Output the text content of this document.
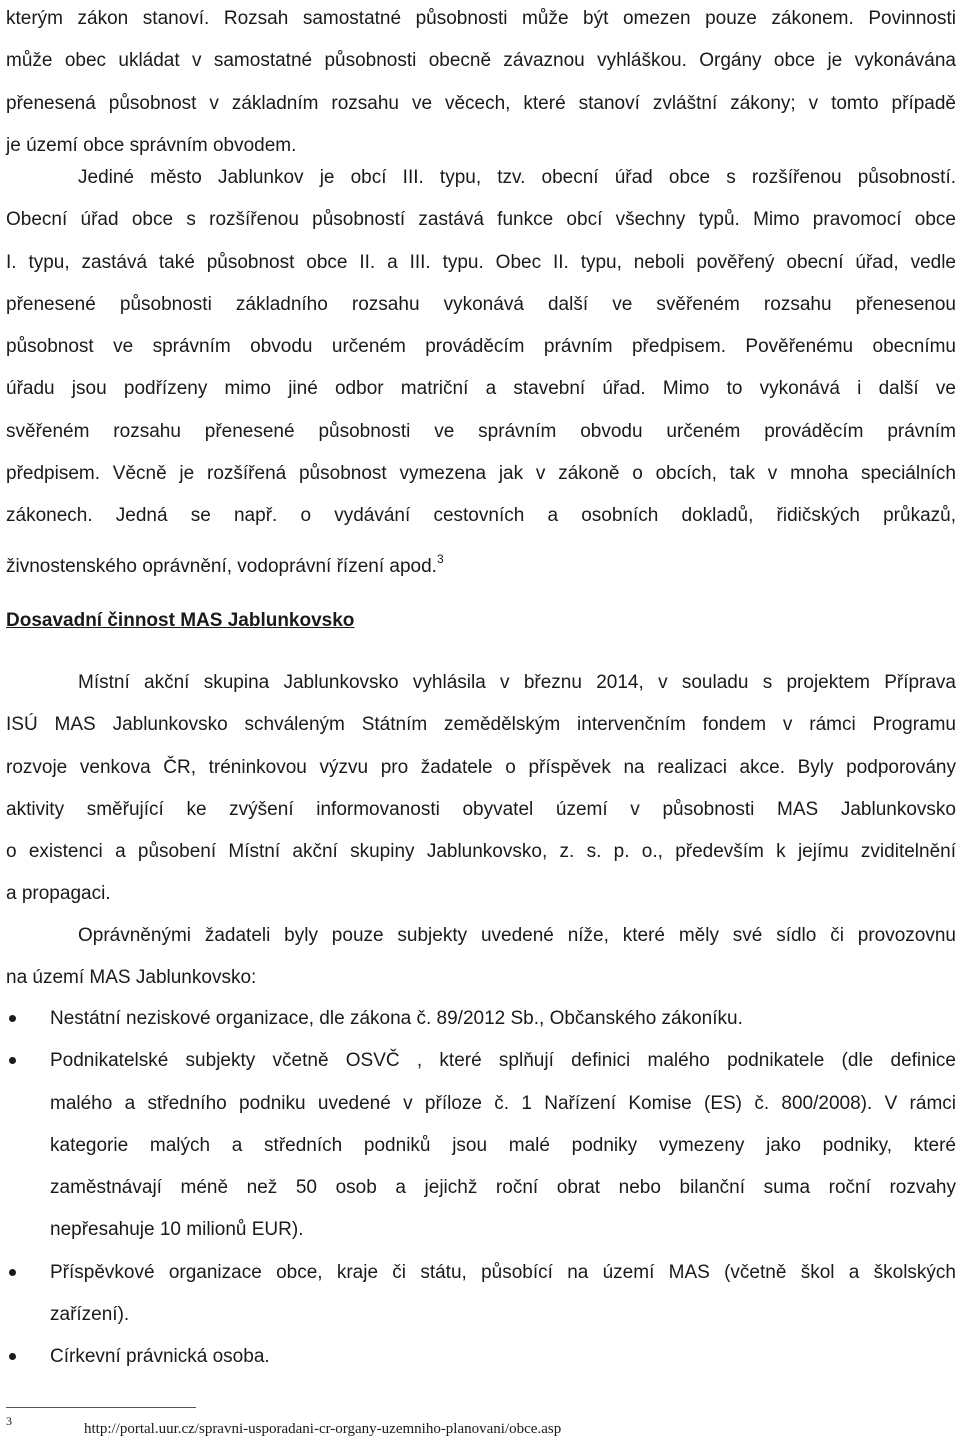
kterým zákon stanoví. Rozsah samostatné působnosti může být omezen pouze zákonem. Povinnosti
může obec ukládat v samostatné působnosti obecně závaznou vyhláškou. Orgány obce je vykonávána
přenesená působnost v základním rozsahu ve věcech, které stanoví zvláštní zákony; v tomto případě
je území obce správním obvodem.
Jediné město Jablunkov je obcí III. typu, tzv. obecní úřad obce s rozšířenou působností.
Obecní úřad obce s rozšířenou působností zastává funkce obcí všechny typů. Mimo pravomocí obce
I. typu, zastává také působnost obce II. a III. typu. Obec II. typu, neboli pověřený obecní úřad, vedle
přenesené působnosti základního rozsahu vykonává další ve svěřeném rozsahu přenesenou
působnost ve správním obvodu určeném prováděcím právním předpisem. Pověřenému obecnímu
úřadu jsou podřízeny mimo jiné odbor matriční a stavební úřad. Mimo to vykonává i další ve
svěřeném rozsahu přenesené působnosti ve správním obvodu určeném prováděcím právním
předpisem. Věcně je rozšířená působnost vymezena jak v zákoně o obcích, tak v mnoha speciálních
zákonech. Jedná se např. o vydávání cestovních a osobních dokladů, řidičských průkazů,
živnostenského oprávnění, vodoprávní řízení apod.$^3$
Dosavadní činnost MAS Jablunkovsko
Místní akční skupina Jablunkovsko vyhlásila v březnu 2014, v souladu s projektem Příprava
ISÚ MAS Jablunkovsko schváleným Státním zemědělským intervenčním fondem v rámci Programu
rozvoje venkova ČR, tréninkovou výzvu pro žadatele o příspěvek na realizaci akce. Byly podporovány
aktivity směřující ke zvýšení informovanosti obyvatel území v působnosti MAS Jablunkovsko
o existenci a působení Místní akční skupiny Jablunkovsko, z. s. p. o., především k jejímu zviditelnění
a propagaci.
Oprávněnými žadateli byly pouze subjekty uvedené níže, které měly své sídlo či provozovnu
na území MAS Jablunkovsko:
Nestátní neziskové organizace, dle zákona č. 89/2012 Sb., Občanského zákoníku.
Podnikatelské subjekty včetně OSVČ , které splňují definici malého podnikatele (dle definice
malého a středního podniku uvedené v příloze č. 1 Nařízení Komise (ES) č. 800/2008). V rámci
kategorie malých a středních podniků jsou malé podniky vymezeny jako podniky, které
zaměstnávají méně než 50 osob a jejichž roční obrat nebo bilanční suma roční rozvahy
nepřesahuje 10 milionů EUR).
Příspěvkové organizace obce, kraje či státu, působící na území MAS (včetně škol a školských
zařízení).
Církevní právnická osoba.
3	http://portal.uur.cz/spravni-usporadani-cr-organy-uzemniho-planovani/obce.asp
